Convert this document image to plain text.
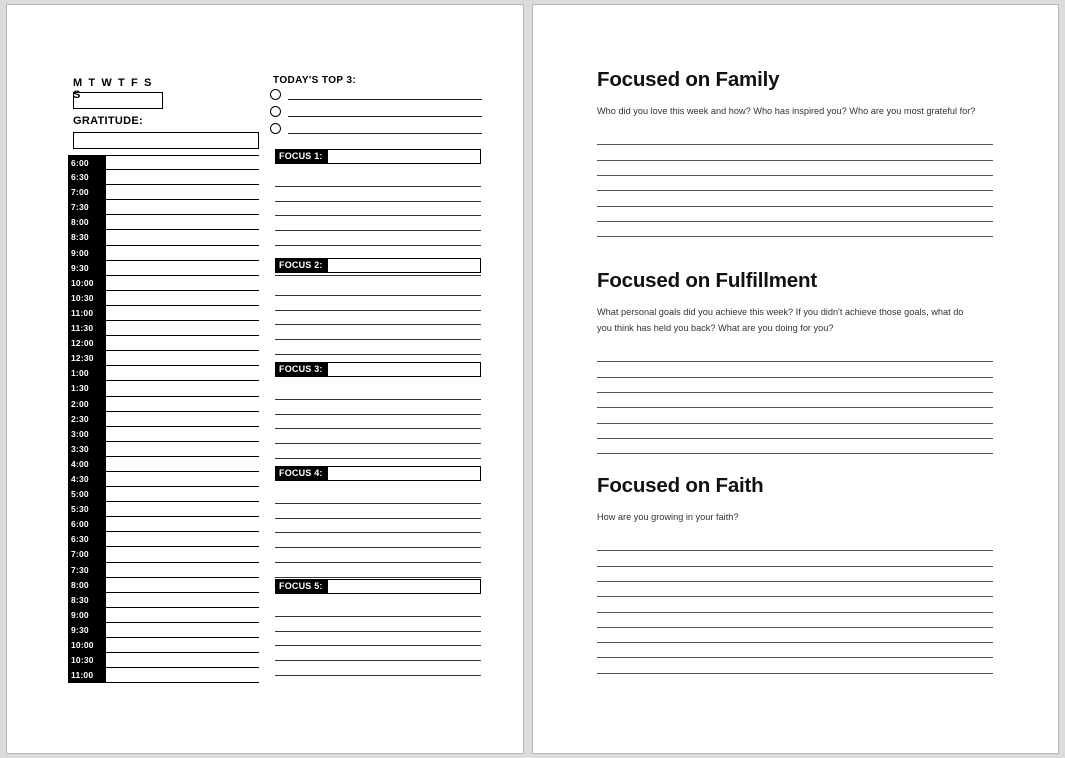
M T W T F S S
GRATITUDE:
6:00
6:30
7:00
7:30
8:00
8:30
9:00
9:30
10:00
10:30
11:00
11:30
12:00
12:30
1:00
1:30
2:00
2:30
3:00
3:30
4:00
4:30
5:00
5:30
6:00
6:30
7:00
7:30
8:00
8:30
9:00
9:30
10:00
10:30
11:00
TODAY'S TOP 3:
FOCUS 1:
FOCUS 2:
FOCUS 3:
FOCUS 4:
FOCUS 5:
Focused on Family

Who did you love this week and how? Who has inspired you? Who are you most grateful for?

Focused on Fulfillment

What personal goals did you achieve this week? If you didn't achieve those goals, what do you think has held you back? What are you doing for you?

Focused on Faith

How are you growing in your faith?
